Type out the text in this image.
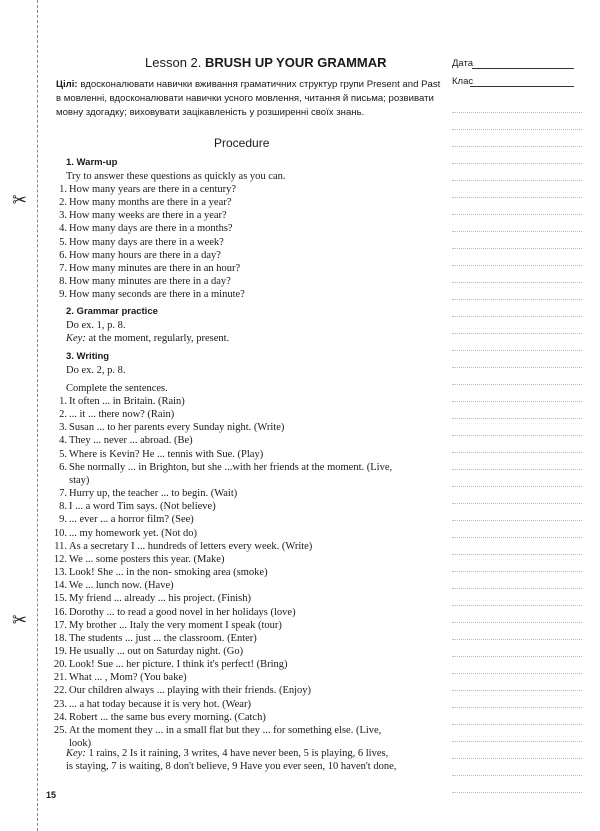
✂
✂
Lesson 2. BRUSH UP YOUR GRAMMAR	Дата
Клас
Цілі: вдосконалювати навички вживання граматичних структур групи Present and Past в мовленні, вдосконалювати навички усного мовлення, читання й письма; розвивати мовну здогадку; виховувати зацікавленість у розширенні своїх знань.
Procedure
1. Warm-up
Try to answer these questions as quickly as you can.
1. How many years are there in a century?
2. How many months are there in a year?
3. How many weeks are there in a year?
4. How many days are there in a months?
5. How many days are there in a week?
6. How many hours are there in a day?
7. How many minutes are there in an hour?
8. How many minutes are there in a day?
9. How many seconds are there in a minute?
2. Grammar practice
Do ex. 1, p. 8.
Key: at the moment, regularly, present.
3. Writing
Do ex. 2, p. 8.
Complete the sentences.
1. It often ... in Britain. (Rain)
2. ... it ... there now? (Rain)
3. Susan ... to her parents every Sunday night. (Write)
4. They ... never ... abroad. (Be)
5. Where is Kevin? He ... tennis with Sue. (Play)
6. She normally ... in Brighton, but she ...with her friends at the moment. (Live,
stay)
7. Hurry up, the teacher ... to begin. (Wait)
8. I ... a word Tim says. (Not believe)
9. ... ever ... a horror film? (See)
10. ... my homework yet. (Not do)
11. As a secretary I ... hundreds of letters every week. (Write)
12. We ... some posters this year. (Make)
13. Look! She ... in the non- smoking area (smoke)
14. We ... lunch now. (Have)
15. My friend ... already ... his project. (Finish)
16. Dorothy ... to read a good novel in her holidays (love)
17. My brother ... Italy the very moment I speak (tour)
18. The students ... just ... the classroom. (Enter)
19. He usually ... out on Saturday night. (Go)
20. Look! Sue ... her picture. I think it's perfect! (Bring)
21. What ... , Mom? (You bake)
22. Our children always ... playing with their friends. (Enjoy)
23. ... a hat today because it is very hot. (Wear)
24. Robert ... the same bus every morning. (Catch)
25. At the moment they ... in a small flat but they ... for something else. (Live,
look)
Key: 1 rains, 2 Is it raining, 3 writes, 4 have never been, 5 is playing, 6 lives,
is staying, 7 is waiting, 8 don't believe, 9 Have you ever seen, 10 haven't done,
15
